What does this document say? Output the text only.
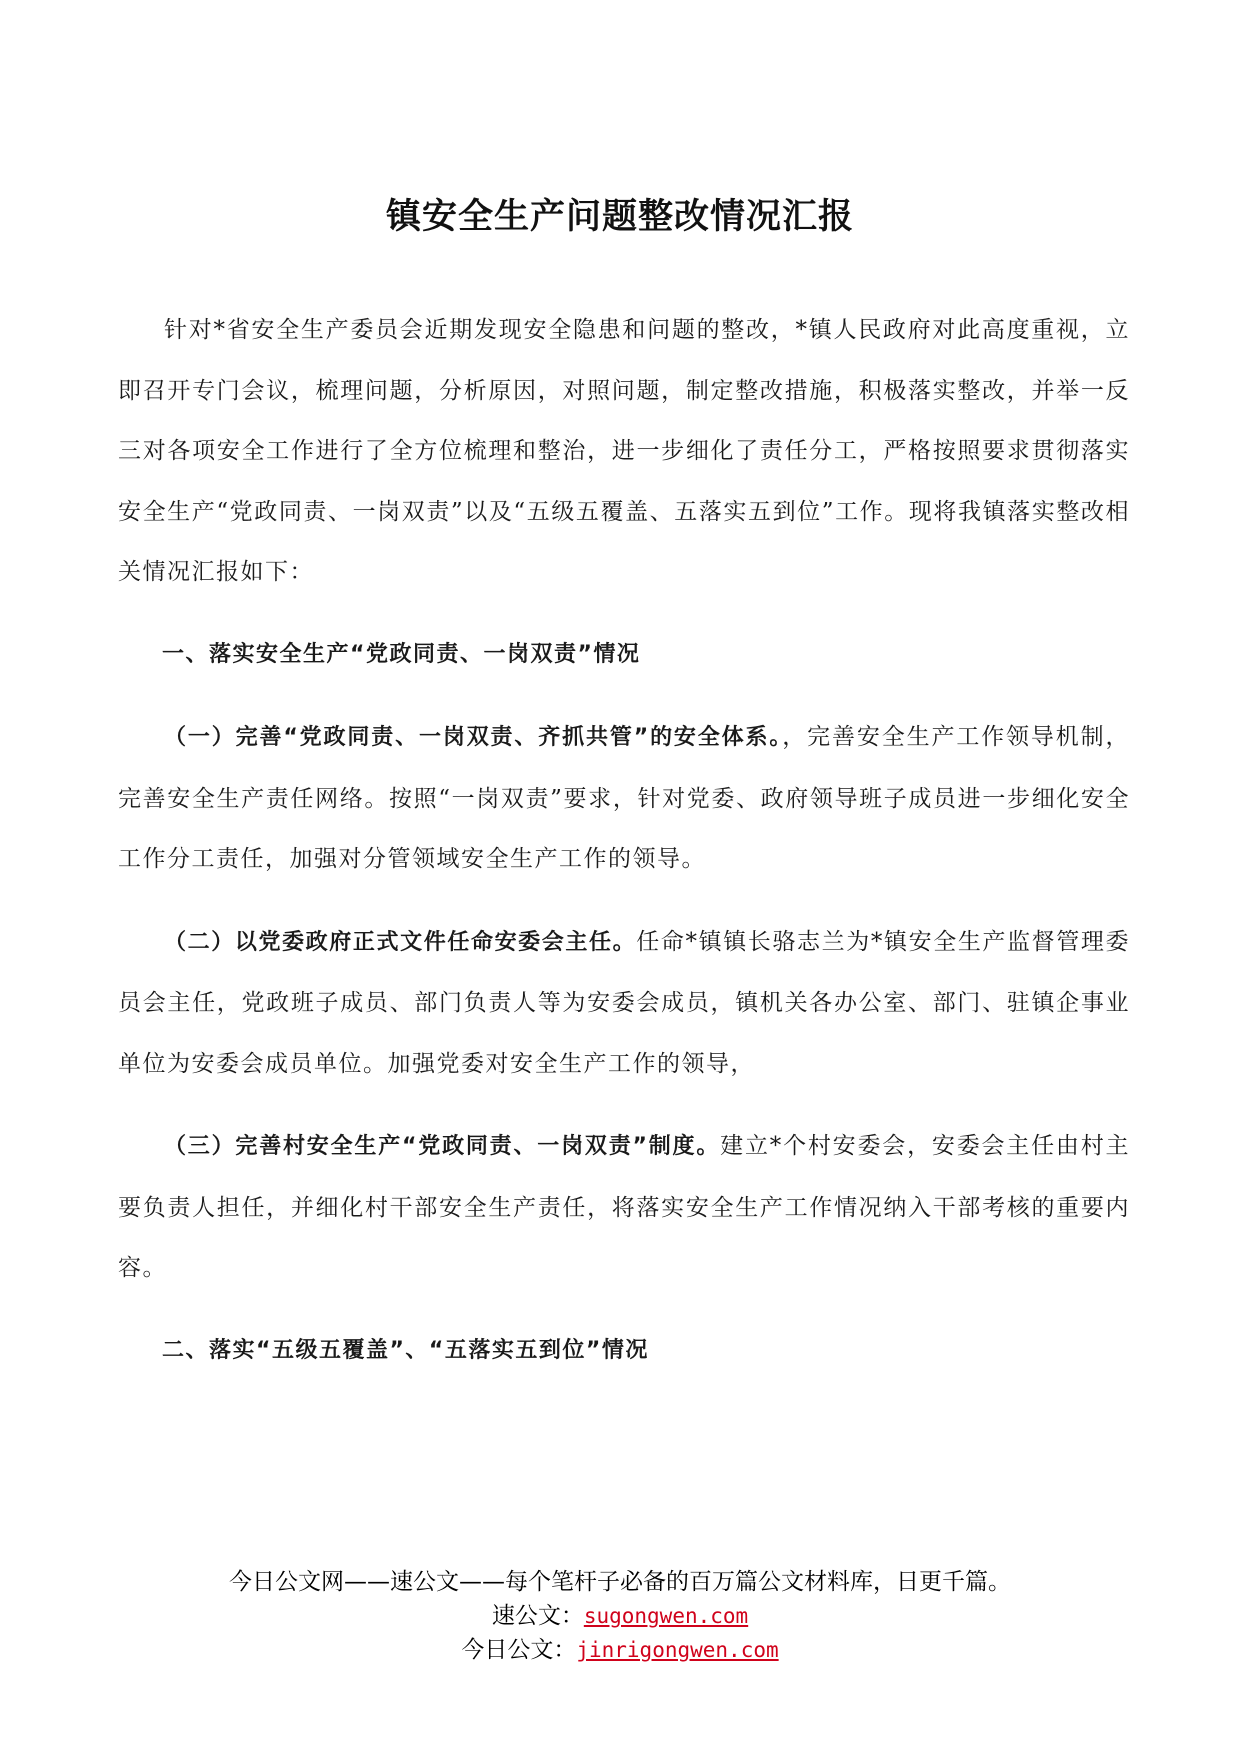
镇安全生产问题整改情况汇报

针对*省安全生产委员会近期发现安全隐患和问题的整改，*镇人民政府对此高度重视，立即召开专门会议，梳理问题，分析原因，对照问题，制定整改措施，积极落实整改，并举一反三对各项安全工作进行了全方位梳理和整治，进一步细化了责任分工，严格按照要求贯彻落实安全生产“党政同责、一岗双责”以及“五级五覆盖、五落实五到位”工作。现将我镇落实整改相关情况汇报如下：

一、落实安全生产“党政同责、一岗双责”情况

（一）完善“党政同责、一岗双责、齐抓共管”的安全体系。，完善安全生产工作领导机制，完善安全生产责任网络。按照“一岗双责”要求，针对党委、政府领导班子成员进一步细化安全工作分工责任，加强对分管领域安全生产工作的领导。

（二）以党委政府正式文件任命安委会主任。任命*镇镇长骆志兰为*镇安全生产监督管理委员会主任，党政班子成员、部门负责人等为安委会成员，镇机关各办公室、部门、驻镇企事业单位为安委会成员单位。加强党委对安全生产工作的领导，

（三）完善村安全生产“党政同责、一岗双责”制度。建立*个村安委会，安委会主任由村主要负责人担任，并细化村干部安全生产责任，将落实安全生产工作情况纳入干部考核的重要内容。

二、落实“五级五覆盖”、“五落实五到位”情况

今日公文网——速公文——每个笔杆子必备的百万篇公文材料库，日更千篇。
速公文：sugongwen.com
今日公文：jinrigongwen.com
